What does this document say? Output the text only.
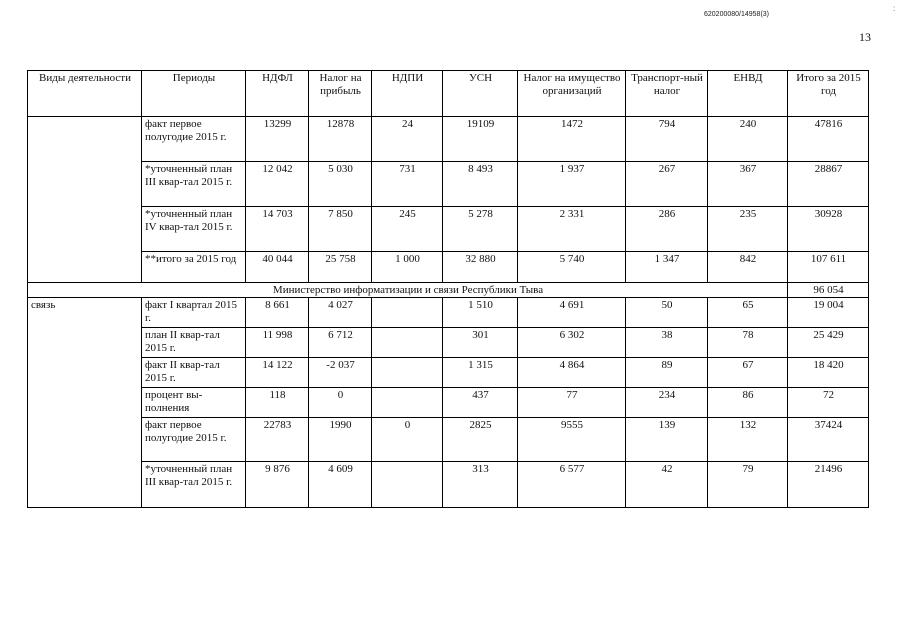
620200080/14958(3)
:
13
Виды деятельности	Периоды	НДФЛ	Налог на прибыль	НДПИ	УСН	Налог на имущество организаций	Транспорт-ный налог	ЕНВД	Итого за 2015 год
	факт первое полугодие 2015 г.	13299	12878	24	19109	1472	794	240	47816
	*уточненный план III квар-тал 2015 г.	12 042	5 030	731	8 493	1 937	267	367	28867
	*уточненный план IV квар-тал 2015 г.	14 703	7 850	245	5 278	2 331	286	235	30928
	**итого за 2015 год	40 044	25 758	1 000	32 880	5 740	1 347	842	107 611
Министерство информатизации и связи Республики Тыва									96 054
связь	факт I квартал 2015 г.	8 661	4 027		1 510	4 691	50	65	19 004
	план II квар-тал 2015 г.	11 998	6 712		301	6 302	38	78	25 429
	факт II квар-тал 2015 г.	14 122	-2 037		1 315	4 864	89	67	18 420
	процент вы-полнения	118	0		437	77	234	86	72
	факт первое полугодие 2015 г.	22783	1990	0	2825	9555	139	132	37424
	*уточненный план III квар-тал 2015 г.	9 876	4 609		313	6 577	42	79	21496
